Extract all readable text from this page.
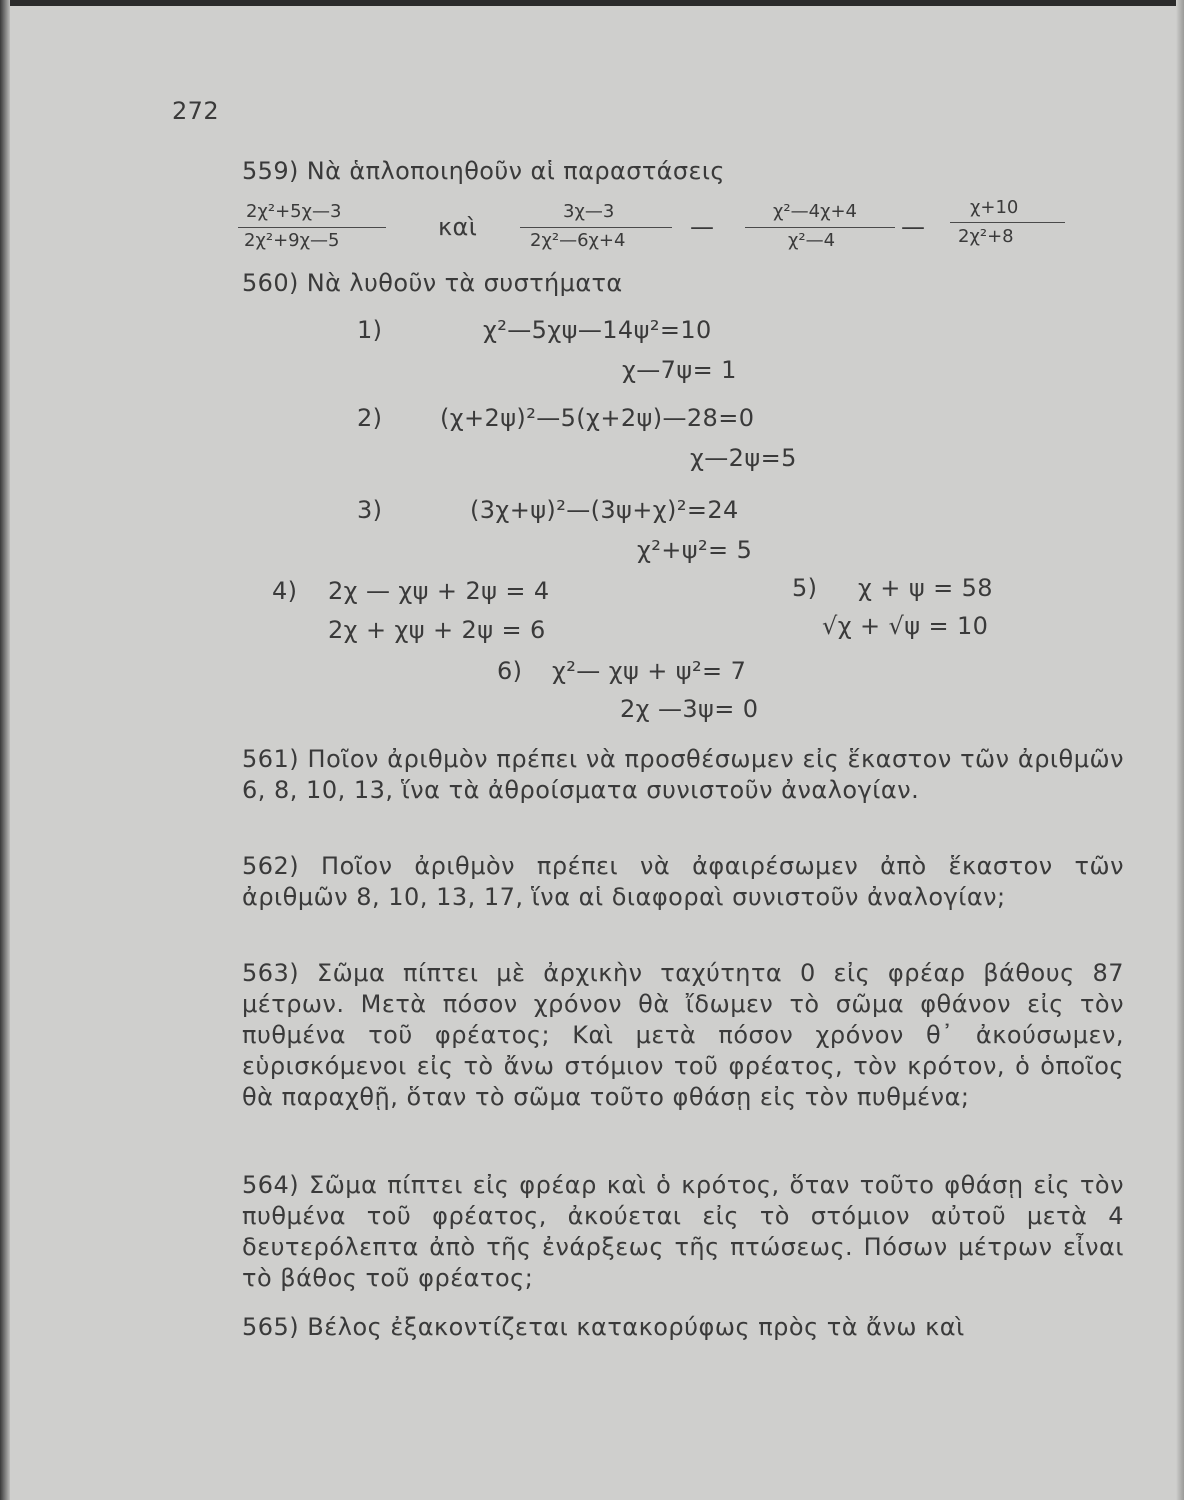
272
559) Νὰ ἁπλοποιηθοῦν αἱ παραστάσεις
2χ²+5χ—3
2χ²+9χ—5	καὶ
3χ—3
2χ²—6χ+4	—
χ²—4χ+4
χ²—4	—
χ+10
2χ²+8
560) Νὰ λυθοῦν τὰ συστήματα
1)	χ²—5χψ—14ψ²=10
χ—7ψ= 1
2) (χ+2ψ)²—5(χ+2ψ)—28=0
χ—2ψ=5
3)	(3χ+ψ)²—(3ψ+χ)²=24
χ²+ψ²= 5
4) 2χ — χψ + 2ψ = 4
2χ + χψ + 2ψ = 6
5) χ + ψ = 58
√χ + √ψ = 10
6) χ²— χψ + ψ²= 7
2χ —3ψ= 0
561) Ποῖον ἀριθμὸν πρέπει νὰ προσθέσωμεν εἰς ἕκαστον τῶν ἀριθμῶν 6, 8, 10, 13, ἵνα τὰ ἀθροίσματα συνιστοῦν ἀναλογίαν.
562) Ποῖον ἀριθμὸν πρέπει νὰ ἀφαιρέσωμεν ἀπὸ ἕκαστον τῶν ἀριθμῶν 8, 10, 13, 17, ἵνα αἱ διαφοραὶ συνιστοῦν ἀναλογίαν;
563) Σῶμα πίπτει μὲ ἀρχικὴν ταχύτητα 0 εἰς φρέαρ βάθους 87 μέτρων. Μετὰ πόσον χρόνον θὰ ἴδωμεν τὸ σῶμα φθάνον εἰς τὸν πυθμένα τοῦ φρέατος; Καὶ μετὰ πόσον χρόνον θ᾽ ἀκούσωμεν, εὑρισκόμενοι εἰς τὸ ἄνω στόμιον τοῦ φρέατος, τὸν κρότον, ὁ ὁποῖος θὰ παραχθῇ, ὅταν τὸ σῶμα τοῦτο φθάσῃ εἰς τὸν πυθμένα;
564) Σῶμα πίπτει εἰς φρέαρ καὶ ὁ κρότος, ὅταν τοῦτο φθάσῃ εἰς τὸν πυθμένα τοῦ φρέατος, ἀκούεται εἰς τὸ στόμιον αὐτοῦ μετὰ 4 δευτερόλεπτα ἀπὸ τῆς ἐνάρξεως τῆς πτώσεως. Πόσων μέτρων εἶναι τὸ βάθος τοῦ φρέατος;
565) Βέλος ἐξακοντίζεται κατακορύφως πρὸς τὰ ἄνω καὶ
